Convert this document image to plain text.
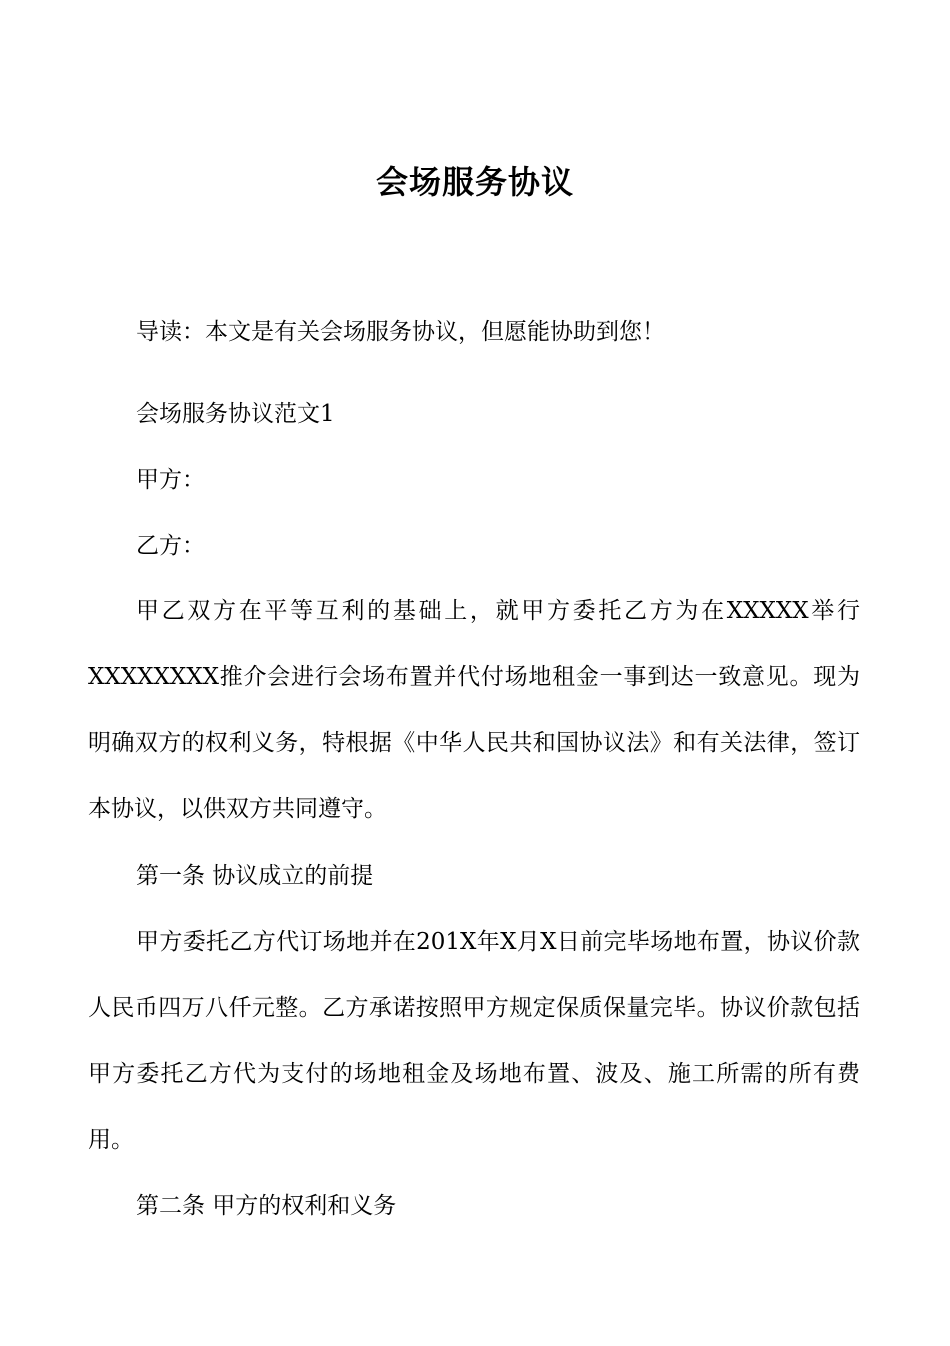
会场服务协议
导读：本文是有关会场服务协议，但愿能协助到您！
会场服务协议范文1
甲方：
乙方：
甲乙双方在平等互利的基础上，就甲方委托乙方为在XXXXX举行XXXXXXXX推介会进行会场布置并代付场地租金一事到达一致意见。现为明确双方的权利义务，特根据《中华人民共和国协议法》和有关法律，签订本协议，以供双方共同遵守。
第一条 协议成立的前提
甲方委托乙方代订场地并在201X年X月X日前完毕场地布置，协议价款人民币四万八仟元整。乙方承诺按照甲方规定保质保量完毕。协议价款包括甲方委托乙方代为支付的场地租金及场地布置、波及、施工所需的所有费用。
第二条 甲方的权利和义务
